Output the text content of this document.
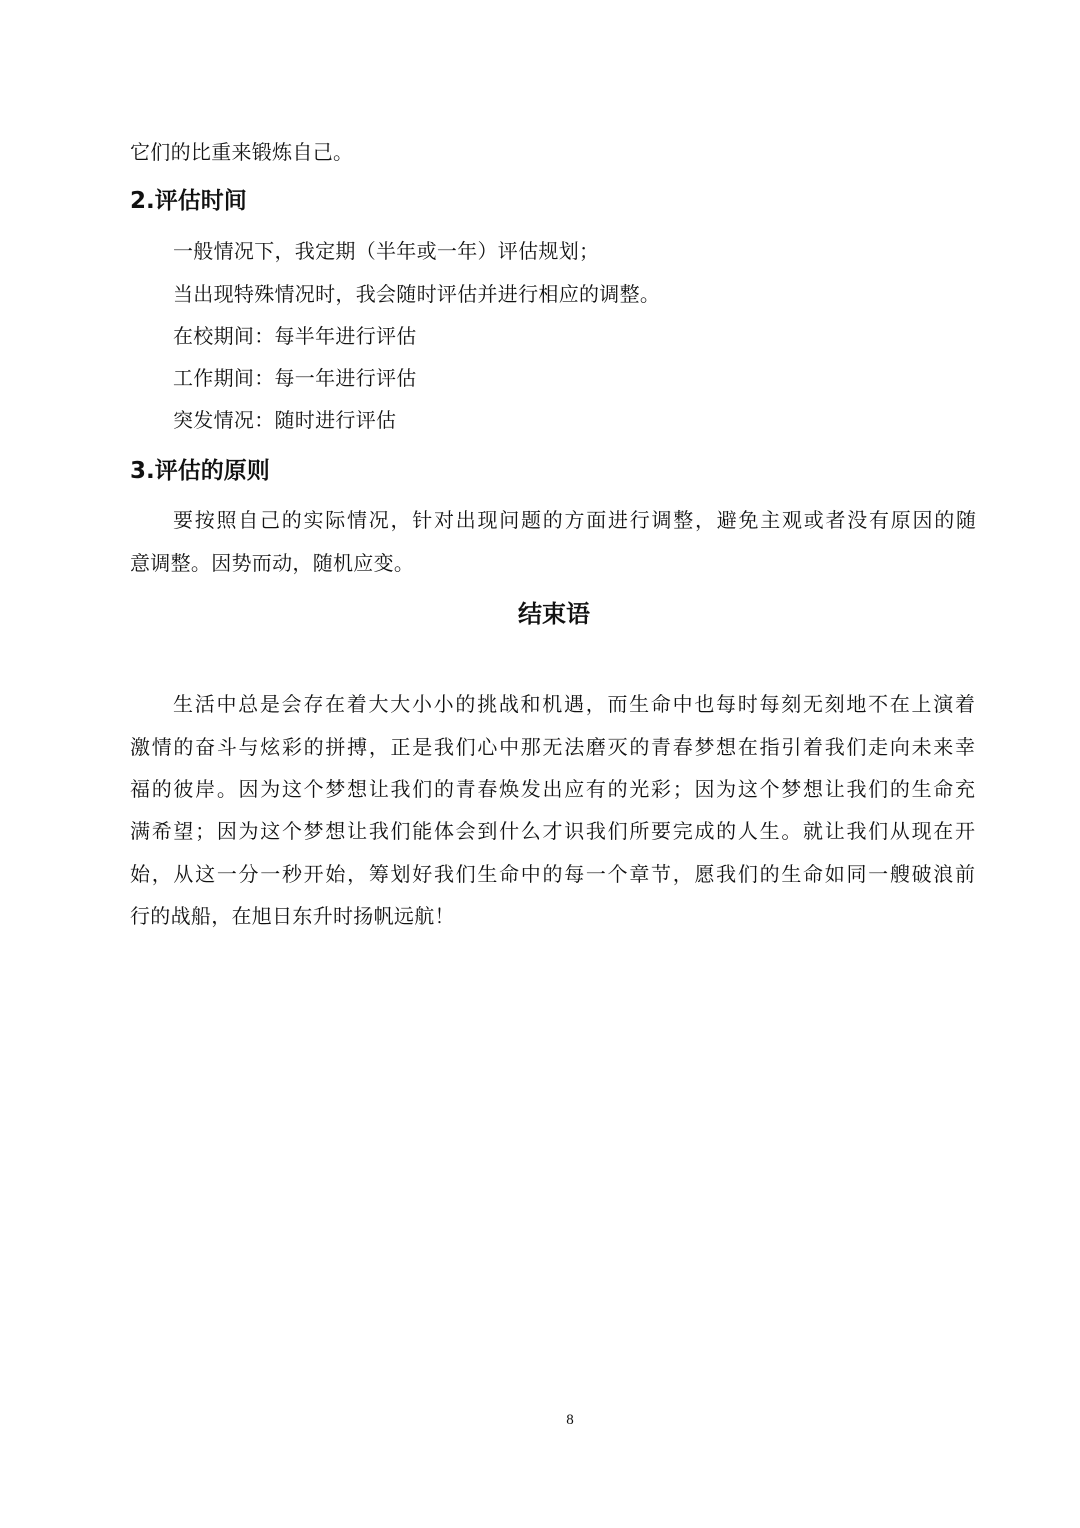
它们的比重来锻炼自己。
2.评估时间
一般情况下，我定期（半年或一年）评估规划；
当出现特殊情况时，我会随时评估并进行相应的调整。
在校期间：每半年进行评估
工作期间：每一年进行评估
突发情况：随时进行评估
3.评估的原则
要按照自己的实际情况，针对出现问题的方面进行调整，避免主观或者没有原因的随
意调整。因势而动，随机应变。
结束语
生活中总是会存在着大大小小的挑战和机遇，而生命中也每时每刻无刻地不在上演着
激情的奋斗与炫彩的拼搏，正是我们心中那无法磨灭的青春梦想在指引着我们走向未来幸
福的彼岸。因为这个梦想让我们的青春焕发出应有的光彩；因为这个梦想让我们的生命充
满希望；因为这个梦想让我们能体会到什么才识我们所要完成的人生。就让我们从现在开
始，从这一分一秒开始，筹划好我们生命中的每一个章节，愿我们的生命如同一艘破浪前
行的战船，在旭日东升时扬帆远航！
8
